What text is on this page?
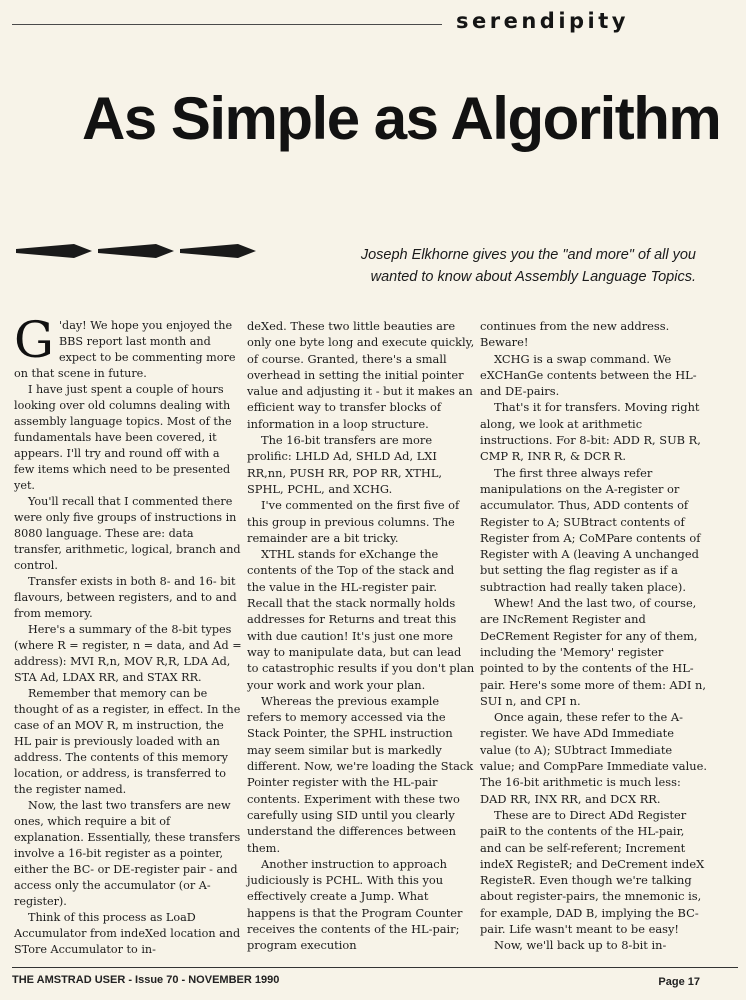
serendipity
As Simple as Algorithm
Joseph Elkhorne gives you the "and more" of all you
wanted to know about Assembly Language Topics.

G 'day! We hope you enjoyed the BBS report last month and expect to be commenting more on that scene in future.

I have just spent a couple of hours looking over old columns dealing with assembly language topics. Most of the fundamentals have been covered, it appears. I'll try and round off with a few items which need to be presented yet.

You'll recall that I commented there were only five groups of instructions in 8080 language. These are: data transfer, arithmetic, logical, branch and control.

Transfer exists in both 8- and 16- bit flavours, between registers, and to and from memory.

Here's a summary of the 8-bit types (where R = register, n = data, and Ad = address): MVI R,n, MOV R,R, LDA Ad, STA Ad, LDAX RR, and STAX RR.

Remember that memory can be thought of as a register, in effect. In the case of an MOV R, m instruction, the HL pair is previously loaded with an address. The contents of this memory location, or address, is transferred to the register named.

Now, the last two transfers are new ones, which require a bit of explanation. Essentially, these transfers involve a 16-bit register as a pointer, either the BC- or DE-register pair - and access only the accumulator (or A-register).

Think of this process as LoaD Accumulator from indeXed location and STore Accumulator to in-

deXed. These two little beauties are only one byte long and execute quickly, of course. Granted, there's a small overhead in setting the initial pointer value and adjusting it - but it makes an efficient way to transfer blocks of information in a loop structure.

The 16-bit transfers are more prolific: LHLD Ad, SHLD Ad, LXI RR,nn, PUSH RR, POP RR, XTHL, SPHL, PCHL, and XCHG.

I've commented on the first five of this group in previous columns. The remainder are a bit tricky.

XTHL stands for eXchange the contents of the Top of the stack and the value in the HL-register pair. Recall that the stack normally holds addresses for Returns and treat this with due caution! It's just one more way to manipulate data, but can lead to catastrophic results if you don't plan your work and work your plan.

Whereas the previous example refers to memory accessed via the Stack Pointer, the SPHL instruction may seem similar but is markedly different. Now, we're loading the Stack Pointer register with the HL-pair contents. Experiment with these two carefully using SID until you clearly understand the differences between them.

Another instruction to approach judiciously is PCHL. With this you effectively create a Jump. What happens is that the Program Counter receives the contents of the HL-pair; program execution

continues from the new address. Beware!

XCHG is a swap command. We eXCHanGe contents between the HL- and DE-pairs.

That's it for transfers. Moving right along, we look at arithmetic instructions. For 8-bit: ADD R, SUB R, CMP R, INR R, & DCR R.

The first three always refer manipulations on the A-register or accumulator. Thus, ADD contents of Register to A; SUBtract contents of Register from A; CoMPare contents of Register with A (leaving A unchanged but setting the flag register as if a subtraction had really taken place).

Whew! And the last two, of course, are INcRement Register and DeCRement Register for any of them, including the 'Memory' register pointed to by the contents of the HL-pair. Here's some more of them: ADI n, SUI n, and CPI n.

Once again, these refer to the A-register. We have ADd Immediate value (to A); SUbtract Immediate value; and CompPare Immediate value. The 16-bit arithmetic is much less: DAD RR, INX RR, and DCX RR.

These are to Direct ADd Register paiR to the contents of the HL-pair, and can be self-referent; Increment indeX RegisteR; and DeCrement indeX RegisteR. Even though we're talking about register-pairs, the mnemonic is, for example, DAD B, implying the BC-pair. Life wasn't meant to be easy!

Now, we'll back up to 8-bit in-

THE AMSTRAD USER - Issue 70 - NOVEMBER 1990	Page 17
